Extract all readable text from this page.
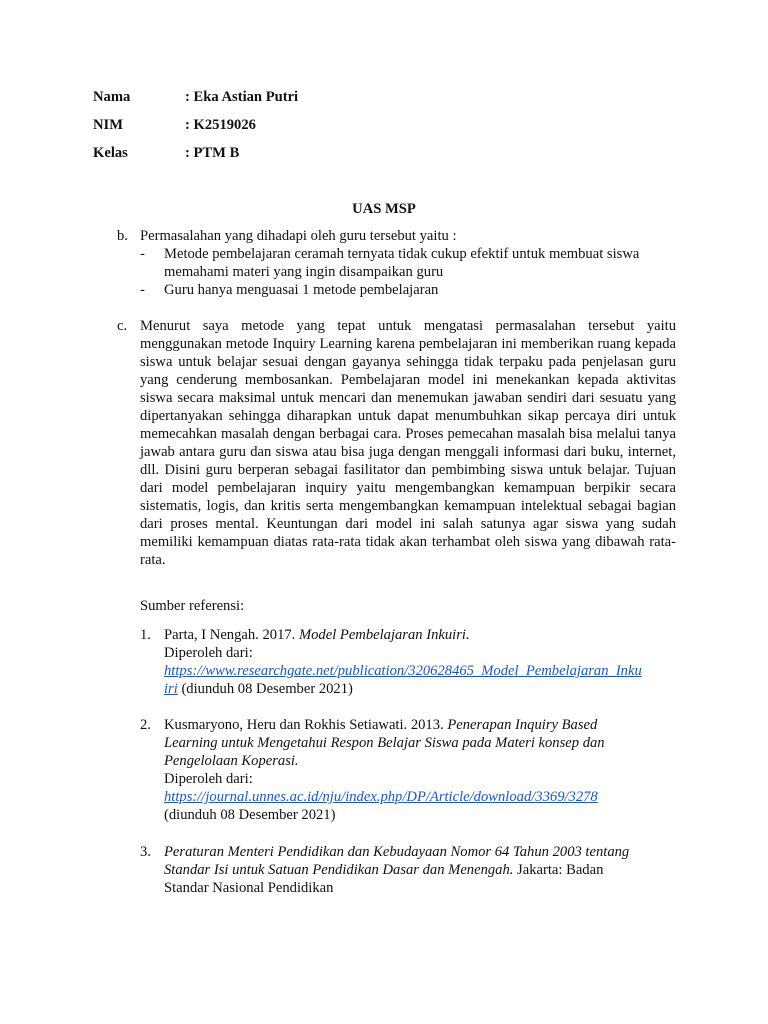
Nama	: Eka Astian Putri
NIM	: K2519026
Kelas	: PTM B
UAS MSP
b. Permasalahan yang dihadapi oleh guru tersebut yaitu :
- Metode pembelajaran ceramah ternyata tidak cukup efektif untuk membuat siswa memahami materi yang ingin disampaikan guru
- Guru hanya menguasai 1 metode pembelajaran
c. Menurut saya metode yang tepat untuk mengatasi permasalahan tersebut yaitu menggunakan metode Inquiry Learning karena pembelajaran ini memberikan ruang kepada siswa untuk belajar sesuai dengan gayanya sehingga tidak terpaku pada penjelasan guru yang cenderung membosankan. Pembelajaran model ini menekankan kepada aktivitas siswa secara maksimal untuk mencari dan menemukan jawaban sendiri dari sesuatu yang dipertanyakan sehingga diharapkan untuk dapat menumbuhkan sikap percaya diri untuk memecahkan masalah dengan berbagai cara. Proses pemecahan masalah bisa melalui tanya jawab antara guru dan siswa atau bisa juga dengan menggali informasi dari buku, internet, dll. Disini guru berperan sebagai fasilitator dan pembimbing siswa untuk belajar. Tujuan dari model pembelajaran inquiry yaitu mengembangkan kemampuan berpikir secara sistematis, logis, dan kritis serta mengembangkan kemampuan intelektual sebagai bagian dari proses mental. Keuntungan dari model ini salah satunya agar siswa yang sudah memiliki kemampuan diatas rata-rata tidak akan terhambat oleh siswa yang dibawah rata-rata.
Sumber referensi:
1. Parta, I Nengah. 2017. Model Pembelajaran Inkuiri.
Diperoleh dari:
https://www.researchgate.net/publication/320628465_Model_Pembelajaran_Inku
iri (diunduh 08 Desember 2021)
2. Kusmaryono, Heru dan Rokhis Setiawati. 2013. Penerapan Inquiry Based
Learning untuk Mengetahui Respon Belajar Siswa pada Materi konsep dan
Pengelolaan Koperasi.
Diperoleh dari:
https://journal.unnes.ac.id/nju/index.php/DP/Article/download/3369/3278
(diunduh 08 Desember 2021)
3. Peraturan Menteri Pendidikan dan Kebudayaan Nomor 64 Tahun 2003 tentang
Standar Isi untuk Satuan Pendidikan Dasar dan Menengah. Jakarta: Badan
Standar Nasional Pendidikan
